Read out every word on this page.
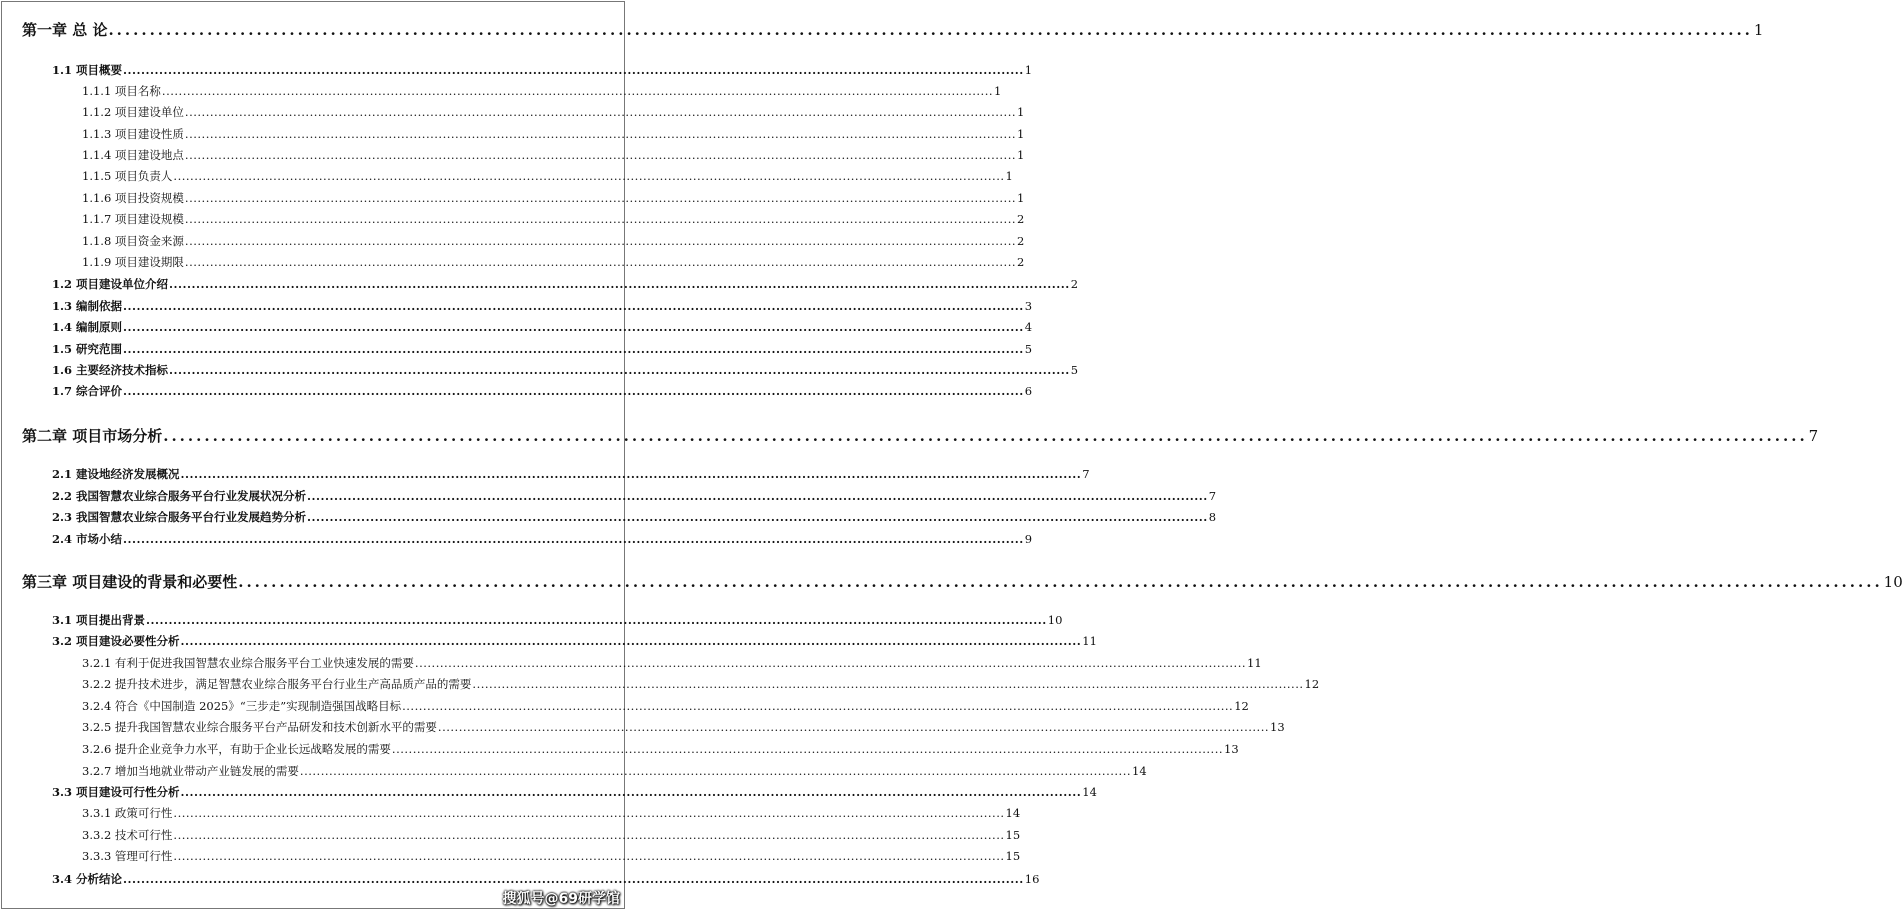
第一章 总 论 ........................................................................................................................................................................................................ 1
1.1 项目概要 ........................................................................................................................................................................................................ 1
1.1.1 项目名称 ........................................................................................................................................................................................................ 1
1.1.2 项目建设单位 ........................................................................................................................................................................................................ 1
1.1.3 项目建设性质 ........................................................................................................................................................................................................ 1
1.1.4 项目建设地点 ........................................................................................................................................................................................................ 1
1.1.5 项目负责人 ........................................................................................................................................................................................................ 1
1.1.6 项目投资规模 ........................................................................................................................................................................................................ 1
1.1.7 项目建设规模 ........................................................................................................................................................................................................ 2
1.1.8 项目资金来源 ........................................................................................................................................................................................................ 2
1.1.9 项目建设期限 ........................................................................................................................................................................................................ 2
1.2 项目建设单位介绍 ........................................................................................................................................................................................................ 2
1.3 编制依据 ........................................................................................................................................................................................................ 3
1.4 编制原则 ........................................................................................................................................................................................................ 4
1.5 研究范围 ........................................................................................................................................................................................................ 5
1.6 主要经济技术指标 ........................................................................................................................................................................................................ 5
1.7 综合评价 ........................................................................................................................................................................................................ 6
第二章 项目市场分析 ........................................................................................................................................................................................................ 7
2.1 建设地经济发展概况 ........................................................................................................................................................................................................ 7
2.2 我国智慧农业综合服务平台行业发展状况分析 ........................................................................................................................................................................................................ 7
2.3 我国智慧农业综合服务平台行业发展趋势分析 ........................................................................................................................................................................................................ 8
2.4 市场小结 ........................................................................................................................................................................................................ 9
第三章 项目建设的背景和必要性 ........................................................................................................................................................................................................ 10
3.1 项目提出背景 ........................................................................................................................................................................................................ 10
3.2 项目建设必要性分析 ........................................................................................................................................................................................................ 11
3.2.1 有利于促进我国智慧农业综合服务平台工业快速发展的需要 ........................................................................................................................................................................................................ 11
3.2.2 提升技术进步，满足智慧农业综合服务平台行业生产高品质产品的需要 ........................................................................................................................................................................................................ 12
3.2.4 符合《中国制造 2025》“三步走”实现制造强国战略目标 ........................................................................................................................................................................................................ 12
3.2.5 提升我国智慧农业综合服务平台产品研发和技术创新水平的需要 ........................................................................................................................................................................................................ 13
3.2.6 提升企业竞争力水平，有助于企业长远战略发展的需要 ........................................................................................................................................................................................................ 13
3.2.7 增加当地就业带动产业链发展的需要 ........................................................................................................................................................................................................ 14
3.3 项目建设可行性分析 ........................................................................................................................................................................................................ 14
3.3.1 政策可行性 ........................................................................................................................................................................................................ 14
3.3.2 技术可行性 ........................................................................................................................................................................................................ 15
3.3.3 管理可行性 ........................................................................................................................................................................................................ 15
3.4 分析结论 ........................................................................................................................................................................................................ 16
搜狐号@69研学馆
